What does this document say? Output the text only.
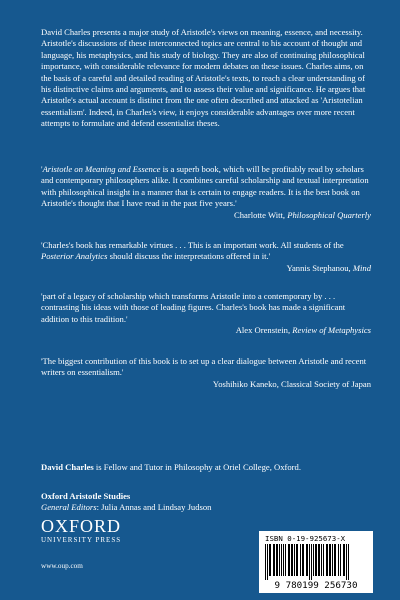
David Charles presents a major study of Aristotle's views on meaning, essence, and necessity. Aristotle's discussions of these interconnected topics are central to his account of thought and language, his metaphysics, and his study of biology. They are also of continuing philosophical importance, with considerable relevance for modern debates on these issues. Charles aims, on the basis of a careful and detailed reading of Aristotle's texts, to reach a clear understanding of his distinctive claims and arguments, and to assess their value and significance. He argues that Aristotle's actual account is distinct from the one often described and attacked as 'Aristotelian essentialism'. Indeed, in Charles's view, it enjoys considerable advantages over more recent attempts to formulate and defend essentialist theses.

'Aristotle on Meaning and Essence is a superb book, which will be profitably read by scholars and contemporary philosophers alike. It combines careful scholarship and textual interpretation with philosophical insight in a manner that is certain to engage readers. It is the best book on Aristotle's thought that I have read in the past five years.'

Charlotte Witt, Philosophical Quarterly

'Charles's book has remarkable virtues . . . This is an important work. All students of the Posterior Analytics should discuss the interpretations offered in it.'

Yannis Stephanou, Mind

'part of a legacy of scholarship which transforms Aristotle into a contemporary by . . . contrasting his ideas with those of leading figures. Charles's book has made a significant addition to this tradition.'

Alex Orenstein, Review of Metaphysics

'The biggest contribution of this book is to set up a clear dialogue between Aristotle and recent writers on essentialism.'

Yoshihiko Kaneko, Classical Society of Japan

David Charles is Fellow and Tutor in Philosophy at Oriel College, Oxford.

Oxford Aristotle Studies
General Editors: Julia Annas and Lindsay Judson
OXFORD
UNIVERSITY PRESS
www.oup.com
ISBN 0-19-925673-X
9 780199 256730
